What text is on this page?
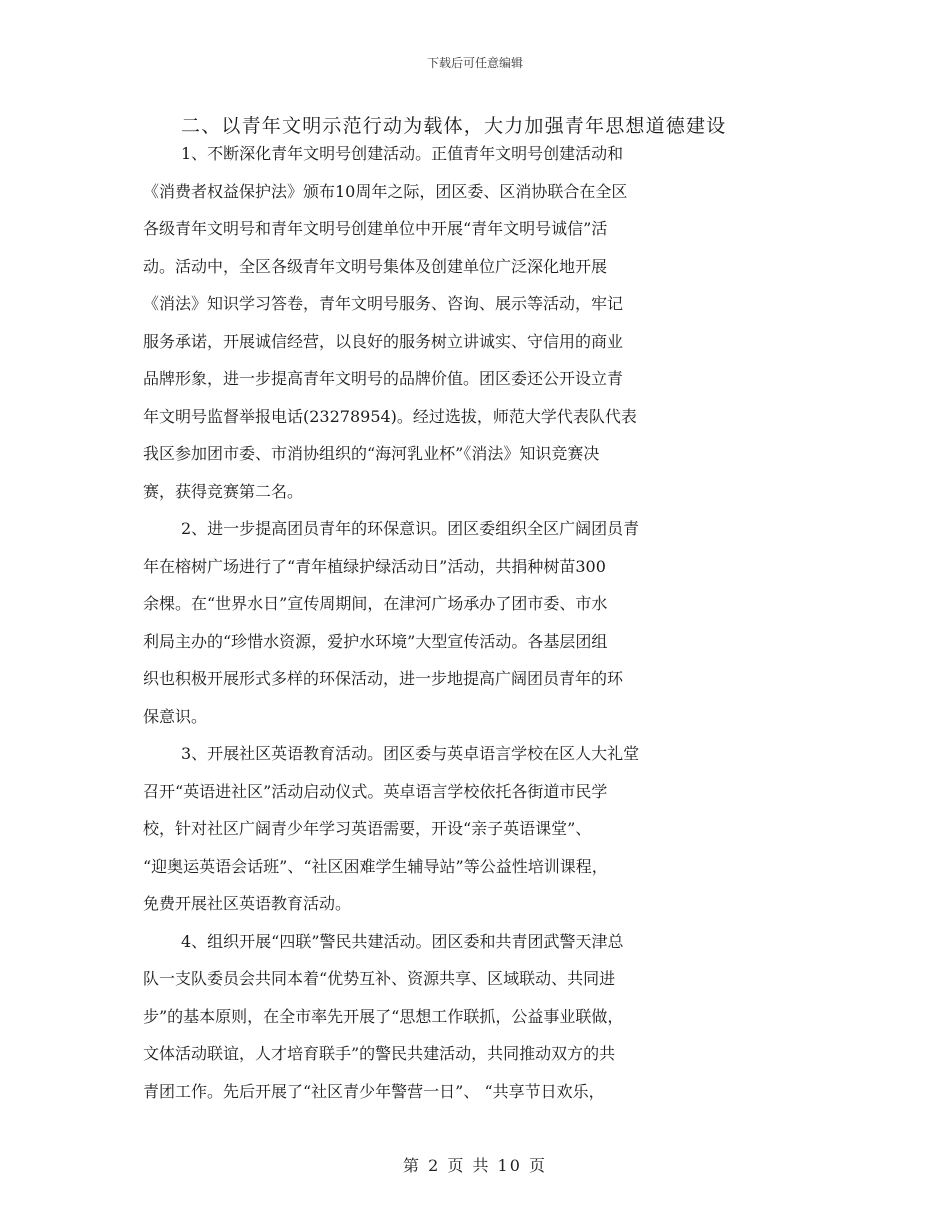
下载后可任意编辑
二、以青年文明示范行动为载体，大力加强青年思想道德建设
1、不断深化青年文明号创建活动。正值青年文明号创建活动和
《消费者权益保护法》颁布10周年之际，团区委、区消协联合在全区
各级青年文明号和青年文明号创建单位中开展“青年文明号诚信”活
动。活动中，全区各级青年文明号集体及创建单位广泛深化地开展
《消法》知识学习答卷，青年文明号服务、咨询、展示等活动，牢记
服务承诺，开展诚信经营，以良好的服务树立讲诚实、守信用的商业
品牌形象，进一步提高青年文明号的品牌价值。团区委还公开设立青
年文明号监督举报电话(23278954)。经过选拔，师范大学代表队代表
我区参加团市委、市消协组织的“海河乳业杯”《消法》知识竞赛决
赛，获得竞赛第二名。
2、进一步提高团员青年的环保意识。团区委组织全区广阔团员青
年在榕树广场进行了“青年植绿护绿活动日”活动，共捐种树苗300
余棵。在“世界水日”宣传周期间，在津河广场承办了团市委、市水
利局主办的“珍惜水资源，爱护水环境”大型宣传活动。各基层团组
织也积极开展形式多样的环保活动，进一步地提高广阔团员青年的环
保意识。
3、开展社区英语教育活动。团区委与英卓语言学校在区人大礼堂
召开“英语进社区”活动启动仪式。英卓语言学校依托各街道市民学
校，针对社区广阔青少年学习英语需要，开设“亲子英语课堂”、
“迎奥运英语会话班”、“社区困难学生辅导站”等公益性培训课程，
免费开展社区英语教育活动。
4、组织开展“四联”警民共建活动。团区委和共青团武警天津总
队一支队委员会共同本着“优势互补、资源共享、区域联动、共同进
步”的基本原则，在全市率先开展了“思想工作联抓，公益事业联做，
文体活动联谊，人才培育联手”的警民共建活动，共同推动双方的共
青团工作。先后开展了“社区青少年警营一日”、 “共享节日欢乐，
第 2 页 共 10 页
